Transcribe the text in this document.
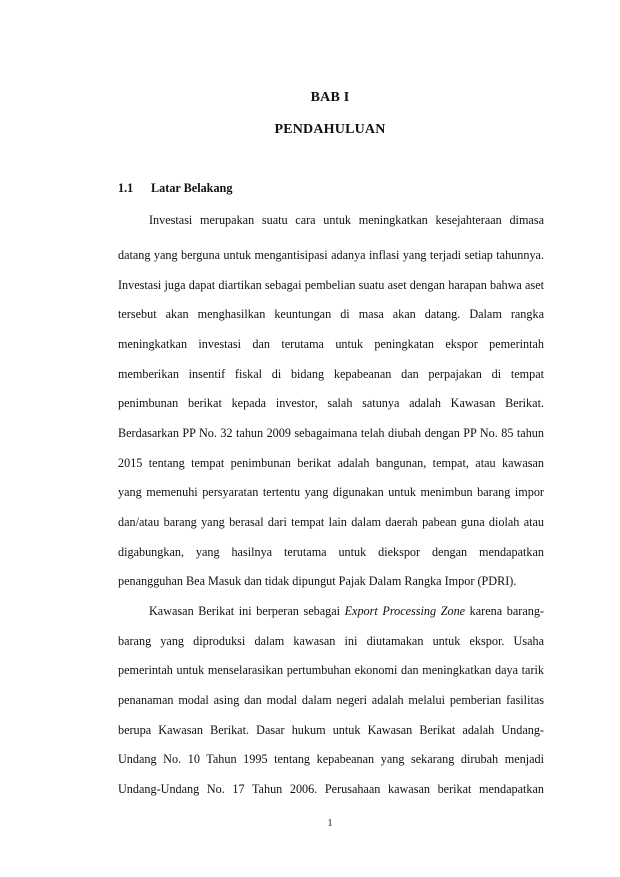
BAB I
PENDAHULUAN
1.1 Latar Belakang
Investasi merupakan suatu cara untuk meningkatkan kesejahteraan dimasa
datang yang berguna untuk mengantisipasi adanya inflasi yang terjadi setiap tahunnya.
Investasi juga dapat diartikan sebagai pembelian suatu aset dengan harapan bahwa aset
tersebut akan menghasilkan keuntungan di masa akan datang. Dalam rangka
meningkatkan investasi dan terutama untuk peningkatan ekspor pemerintah
memberikan insentif fiskal di bidang kepabeanan dan perpajakan di tempat
penimbunan berikat kepada investor, salah satunya adalah Kawasan Berikat.
Berdasarkan PP No. 32 tahun 2009 sebagaimana telah diubah dengan PP No. 85 tahun
2015 tentang tempat penimbunan berikat adalah bangunan, tempat, atau kawasan
yang memenuhi persyaratan tertentu yang digunakan untuk menimbun barang impor
dan/atau barang yang berasal dari tempat lain dalam daerah pabean guna diolah atau
digabungkan, yang hasilnya terutama untuk diekspor dengan mendapatkan
penangguhan Bea Masuk dan tidak dipungut Pajak Dalam Rangka Impor (PDRI).
Kawasan Berikat ini berperan sebagai Export Processing Zone karena barang-
barang yang diproduksi dalam kawasan ini diutamakan untuk ekspor. Usaha
pemerintah untuk menselarasikan pertumbuhan ekonomi dan meningkatkan daya tarik
penanaman modal asing dan modal dalam negeri adalah melalui pemberian fasilitas
berupa Kawasan Berikat. Dasar hukum untuk Kawasan Berikat adalah Undang-
Undang No. 10 Tahun 1995 tentang kepabeanan yang sekarang dirubah menjadi
Undang-Undang No. 17 Tahun 2006. Perusahaan kawasan berikat mendapatkan
1
